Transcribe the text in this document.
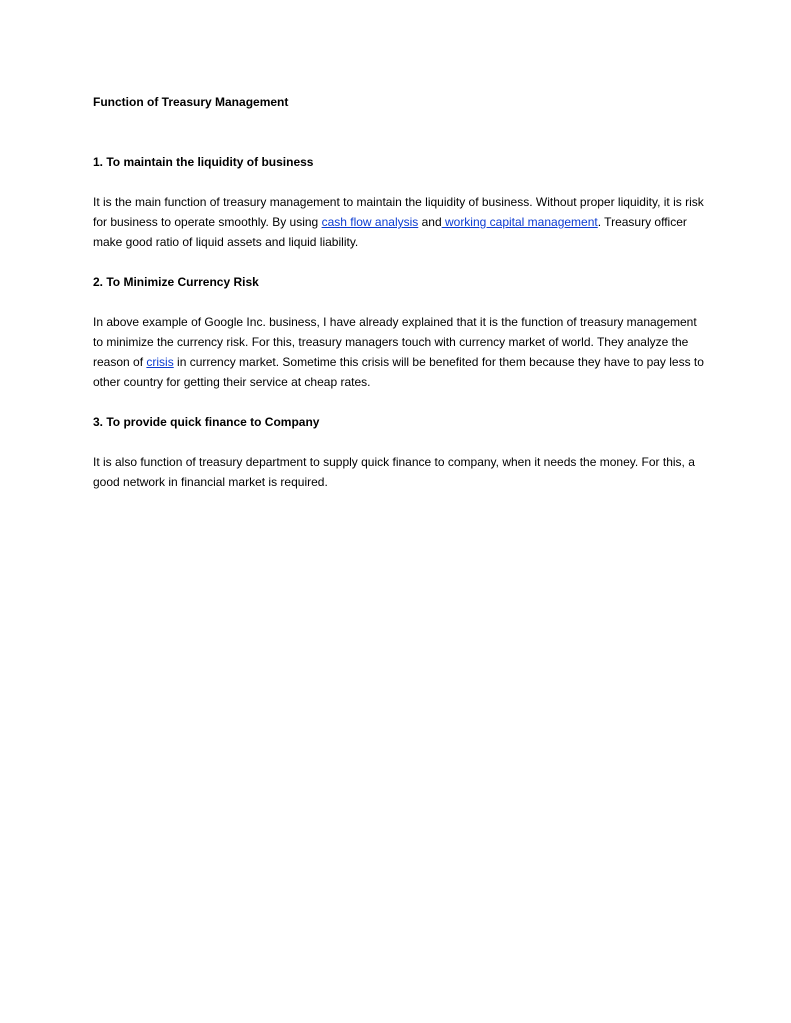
Function of Treasury Management

1. To maintain the liquidity of business

It is the main function of treasury management to maintain the liquidity of business. Without proper liquidity, it is risk for business to operate smoothly. By using cash flow analysis and working capital management. Treasury officer make good ratio of liquid assets and liquid liability.

2. To Minimize Currency Risk

In above example of Google Inc. business, I have already explained that it is the function of treasury management to minimize the currency risk. For this, treasury managers touch with currency market of world. They analyze the reason of crisis in currency market. Sometime this crisis will be benefited for them because they have to pay less to other country for getting their service at cheap rates.

3. To provide quick finance to Company

It is also function of treasury department to supply quick finance to company, when it needs the money. For this, a good network in financial market is required.
